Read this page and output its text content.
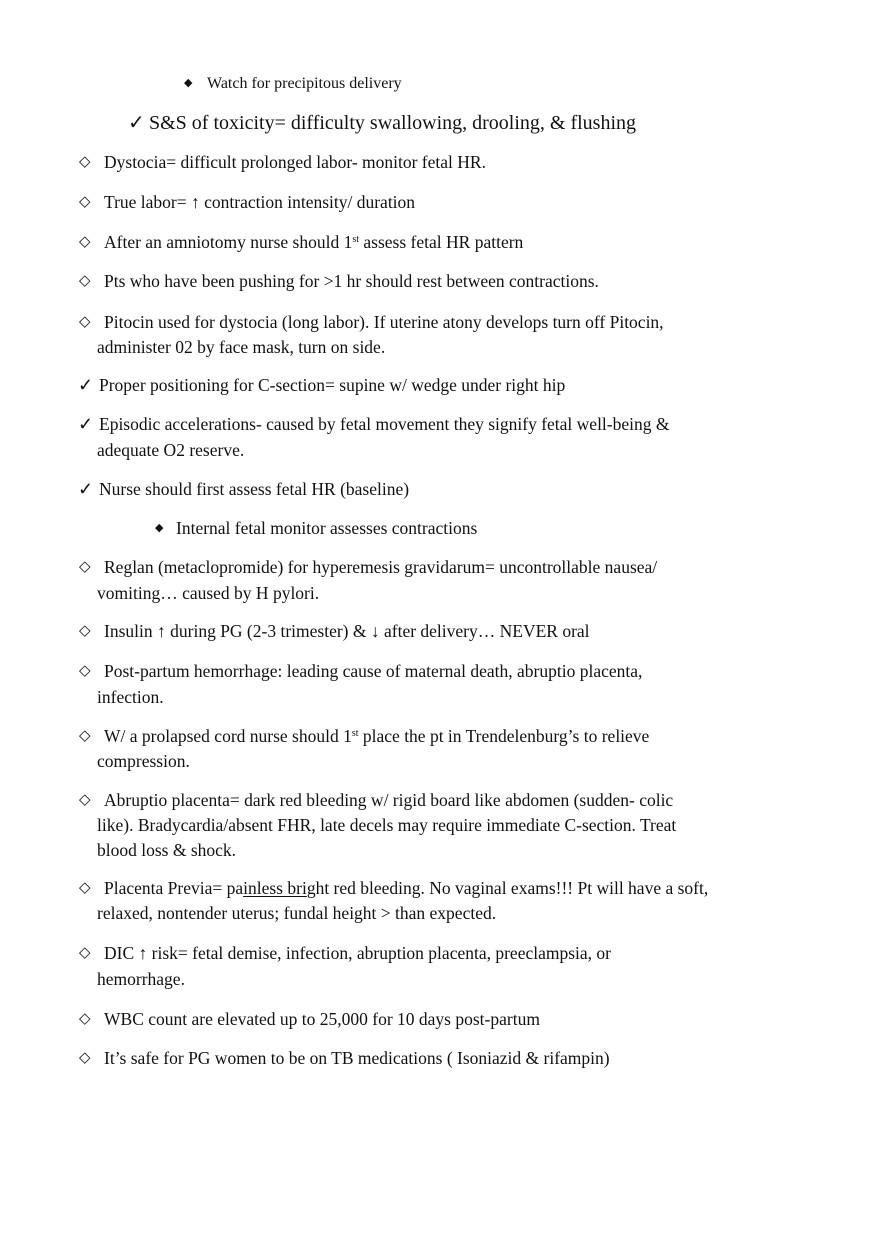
◆ Watch for precipitous delivery
✓ S&S of toxicity= difficulty swallowing, drooling, & flushing
◇ Dystocia= difficult prolonged labor- monitor fetal HR.
◇ True labor= ↑ contraction intensity/ duration
◇ After an amniotomy nurse should 1st assess fetal HR pattern
◇ Pts who have been pushing for >1 hr should rest between contractions.
◇ Pitocin used for dystocia (long labor). If uterine atony develops turn off Pitocin,
administer 02 by face mask, turn on side.
✓ Proper positioning for C-section= supine w/ wedge under right hip
✓ Episodic accelerations- caused by fetal movement they signify fetal well-being &
adequate O2 reserve.
✓ Nurse should first assess fetal HR (baseline)
◆ Internal fetal monitor assesses contractions
◇ Reglan (metaclopromide) for hyperemesis gravidarum= uncontrollable nausea/
vomiting… caused by H pylori.
◇ Insulin ↑ during PG (2-3 trimester) & ↓ after delivery… NEVER oral
◇ Post-partum hemorrhage: leading cause of maternal death, abruptio placenta,
infection.
◇ W/ a prolapsed cord nurse should 1st place the pt in Trendelenburg’s to relieve
compression.
◇ Abruptio placenta= dark red bleeding w/ rigid board like abdomen (sudden- colic
like). Bradycardia/absent FHR, late decels may require immediate C-section. Treat
blood loss & shock.
◇ Placenta Previa= painless bright red bleeding. No vaginal exams!!! Pt will have a soft,
relaxed, nontender uterus; fundal height > than expected.
◇ DIC ↑ risk= fetal demise, infection, abruption placenta, preeclampsia, or
hemorrhage.
◇ WBC count are elevated up to 25,000 for 10 days post-partum
◇ It’s safe for PG women to be on TB medications ( Isoniazid & rifampin)
